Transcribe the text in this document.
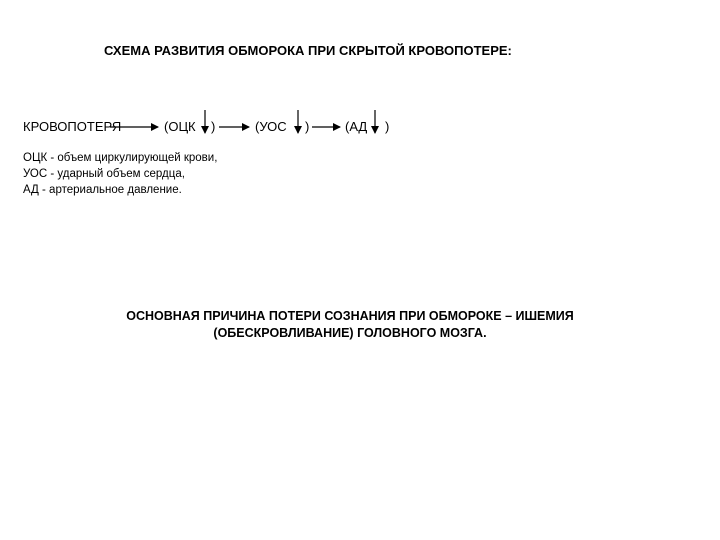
СХЕМА РАЗВИТИЯ ОБМОРОКА ПРИ СКРЫТОЙ КРОВОПОТЕРЕ:
КРОВОПОТЕРЯ	(ОЦК )	(УОС )	(АД )
ОЦК - объем циркулирующей крови,
УОС - ударный объем сердца,
АД - артериальное давление.
ОСНОВНАЯ ПРИЧИНА ПОТЕРИ СОЗНАНИЯ ПРИ ОБМОРОКЕ – ИШЕМИЯ
(ОБЕСКРОВЛИВАНИЕ) ГОЛОВНОГО МОЗГА.
